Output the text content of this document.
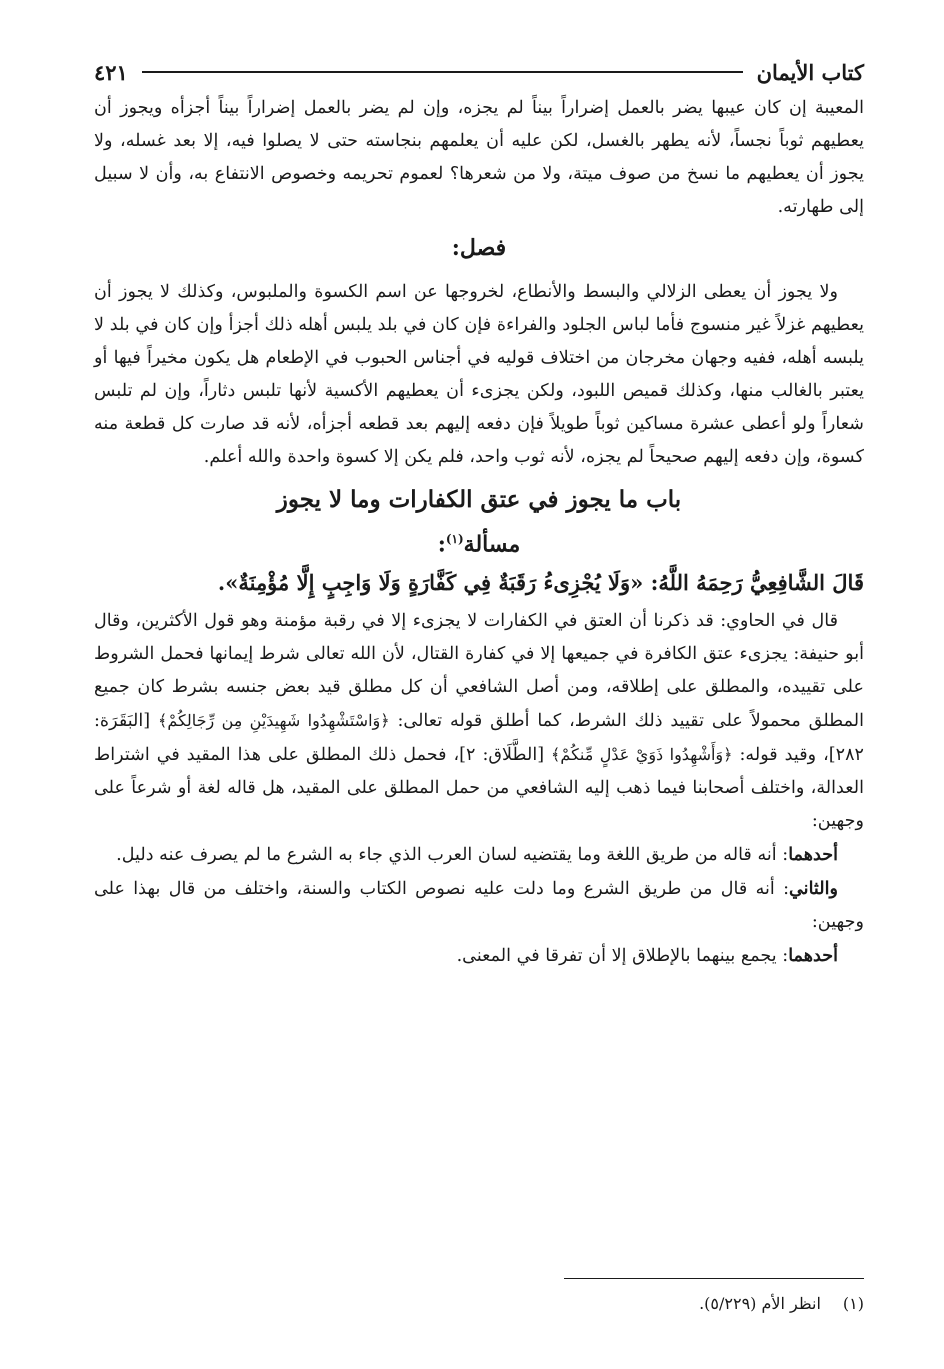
كتاب الأيمان
٤٢١

المعيبة إن كان عيبها يضر بالعمل إضراراً بيناً لم يجزه، وإن لم يضر بالعمل إضراراً بيناً أجزأه ويجوز أن يعطيهم ثوباً نجساً، لأنه يطهر بالغسل، لكن عليه أن يعلمهم بنجاسته حتى لا يصلوا فيه، إلا بعد غسله، ولا يجوز أن يعطيهم ما نسخ من صوف ميتة، ولا من شعرها؟ لعموم تحريمه وخصوص الانتفاع به، وأن لا سبيل إلى طهارته.

فصل:

ولا يجوز أن يعطى الزلالي والبسط والأنطاع، لخروجها عن اسم الكسوة والملبوس، وكذلك لا يجوز أن يعطيهم غزلاً غير منسوج فأما لباس الجلود والفراءة فإن كان في بلد يلبس أهله ذلك أجزأ وإن كان في بلد لا يلبسه أهله، ففيه وجهان مخرجان من اختلاف قوليه في أجناس الحبوب في الإطعام هل يكون مخيراً فيها أو يعتبر بالغالب منها، وكذلك قميص اللبود، ولكن يجزىء أن يعطيهم الأكسية لأنها تلبس دثاراً، وإن لم تلبس شعاراً ولو أعطى عشرة مساكين ثوباً طويلاً فإن دفعه إليهم بعد قطعه أجزأه، لأنه قد صارت كل قطعة منه كسوة، وإن دفعه إليهم صحيحاً لم يجزه، لأنه ثوب واحد، فلم يكن إلا كسوة واحدة والله أعلم.

باب ما يجوز في عتق الكفارات وما لا يجوز

مسألة$^{(١)}$:

قَالَ الشَّافِعِيُّ رَحِمَهُ اللَّهُ: «وَلَا يُجْزِىءُ رَقَبَةٌ فِي كَفَّارَةٍ وَلَا وَاجِبٍ إِلَّا مُؤْمِنَةٌ».

قال في الحاوي: قد ذكرنا أن العتق في الكفارات لا يجزىء إلا في رقبة مؤمنة وهو قول الأكثرين، وقال أبو حنيفة: يجزىء عتق الكافرة في جميعها إلا في كفارة القتال، لأن الله تعالى شرط إيمانها فحمل الشروط على تقييده، والمطلق على إطلاقه، ومن أصل الشافعي أن كل مطلق قيد بعض جنسه بشرط كان جميع المطلق محمولاً على تقييد ذلك الشرط، كما أطلق قوله تعالى: ﴿وَاسْتَشْهِدُوا شَهِيدَيْنِ مِن رِّجَالِكُمْ﴾ [البَقَرَة: ٢٨٢]، وقيد قوله: ﴿وَأَشْهِدُوا ذَوَيْ عَدْلٍ مِّنكُمْ﴾ [الطَّلَاق: ٢]، فحمل ذلك المطلق على هذا المقيد في اشتراط العدالة، واختلف أصحابنا فيما ذهب إليه الشافعي من حمل المطلق على المقيد، هل قاله لغة أو شرعاً على وجهين:

أحدهما: أنه قاله من طريق اللغة وما يقتضيه لسان العرب الذي جاء به الشرع ما لم يصرف عنه دليل.

والثاني: أنه قال من طريق الشرع وما دلت عليه نصوص الكتاب والسنة، واختلف من قال بهذا على وجهين:

أحدهما: يجمع بينهما بالإطلاق إلا أن تفرقا في المعنى.

(١)انظر الأم (٥/٢٢٩).
